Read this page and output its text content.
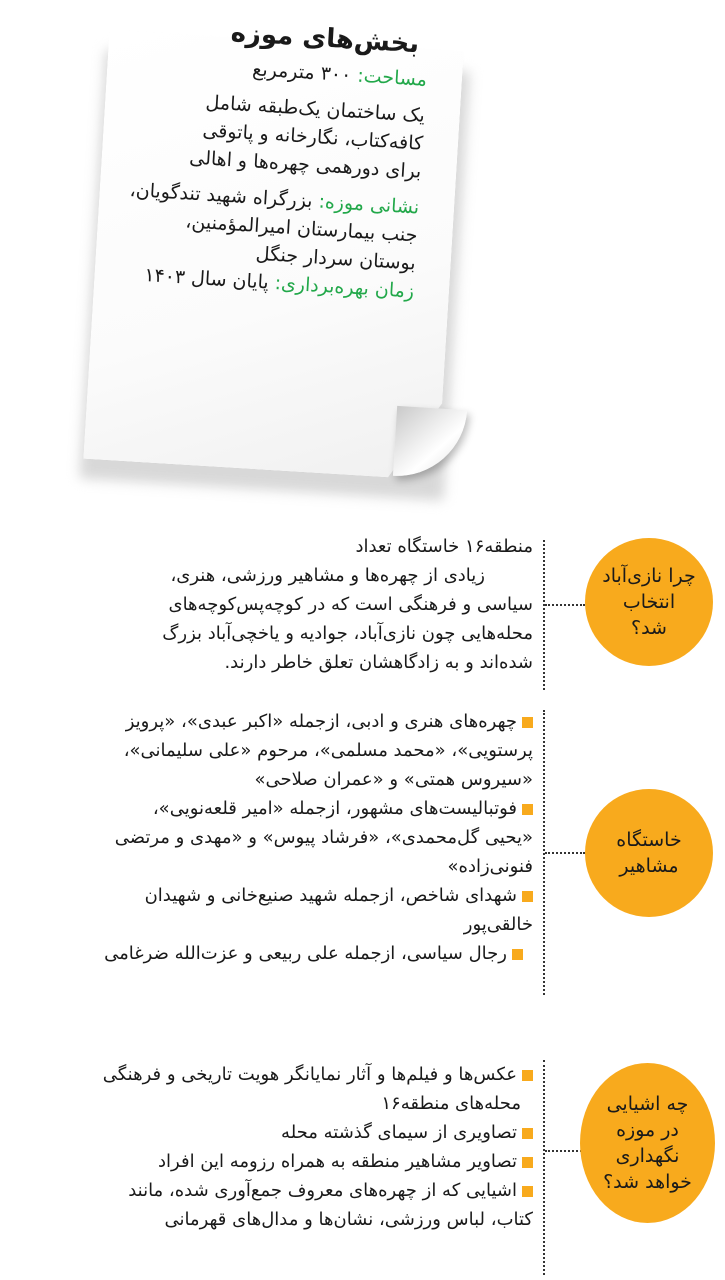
بخش‌های موزه
مساحت: ۳۰۰ مترمربع
یک ساختمان یک‌طبقه شامل
کافه‌کتاب، نگارخانه و پاتوقی
برای دورهمی چهره‌ها و اهالی
نشانی موزه: بزرگراه شهید تندگویان،
جنب بیمارستان امیرالمؤمنین،
بوستان سردار جنگل
زمان بهره‌برداری: پایان سال ۱۴۰۳
چرا نازی‌آباد
انتخاب
شد؟
منطقه۱۶ خاستگاه تعداد
زیادی از چهره‌ها و مشاهیر ورزشی، هنری،
سیاسی و فرهنگی است که در کوچه‌پس‌کوچه‌های
محله‌هایی چون نازی‌آباد، جوادیه و یاخچی‌آباد بزرگ
شده‌اند و به زادگاهشان تعلق خاطر دارند.
خاستگاه
مشاهیر
چهره‌های هنری و ادبی، ازجمله «اکبر عبدی»، «پرویز
پرستویی»، «محمد مسلمی»، مرحوم «علی سلیمانی»،
«سیروس همتی» و «عمران صلاحی»
فوتبالیست‌های مشهور، ازجمله «امیر قلعه‌نویی»،
«یحیی گل‌محمدی»، «فرشاد پیوس» و «مهدی و مرتضی
فنونی‌زاده»
شهدای شاخص، ازجمله شهید صنیع‌خانی و شهیدان
خالقی‌پور
رجال سیاسی، ازجمله علی ربیعی و عزت‌الله ضرغامی
چه اشیایی
در موزه
نگهداری
خواهد شد؟
عکس‌ها و فیلم‌ها و آثار نمایانگر هویت تاریخی و فرهنگی
محله‌های منطقه۱۶
تصاویری از سیمای گذشته محله
تصاویر مشاهیر منطقه به همراه رزومه این افراد
اشیایی که از چهره‌های معروف جمع‌آوری شده، مانند
کتاب، لباس ورزشی، نشان‌ها و مدال‌های قهرمانی
